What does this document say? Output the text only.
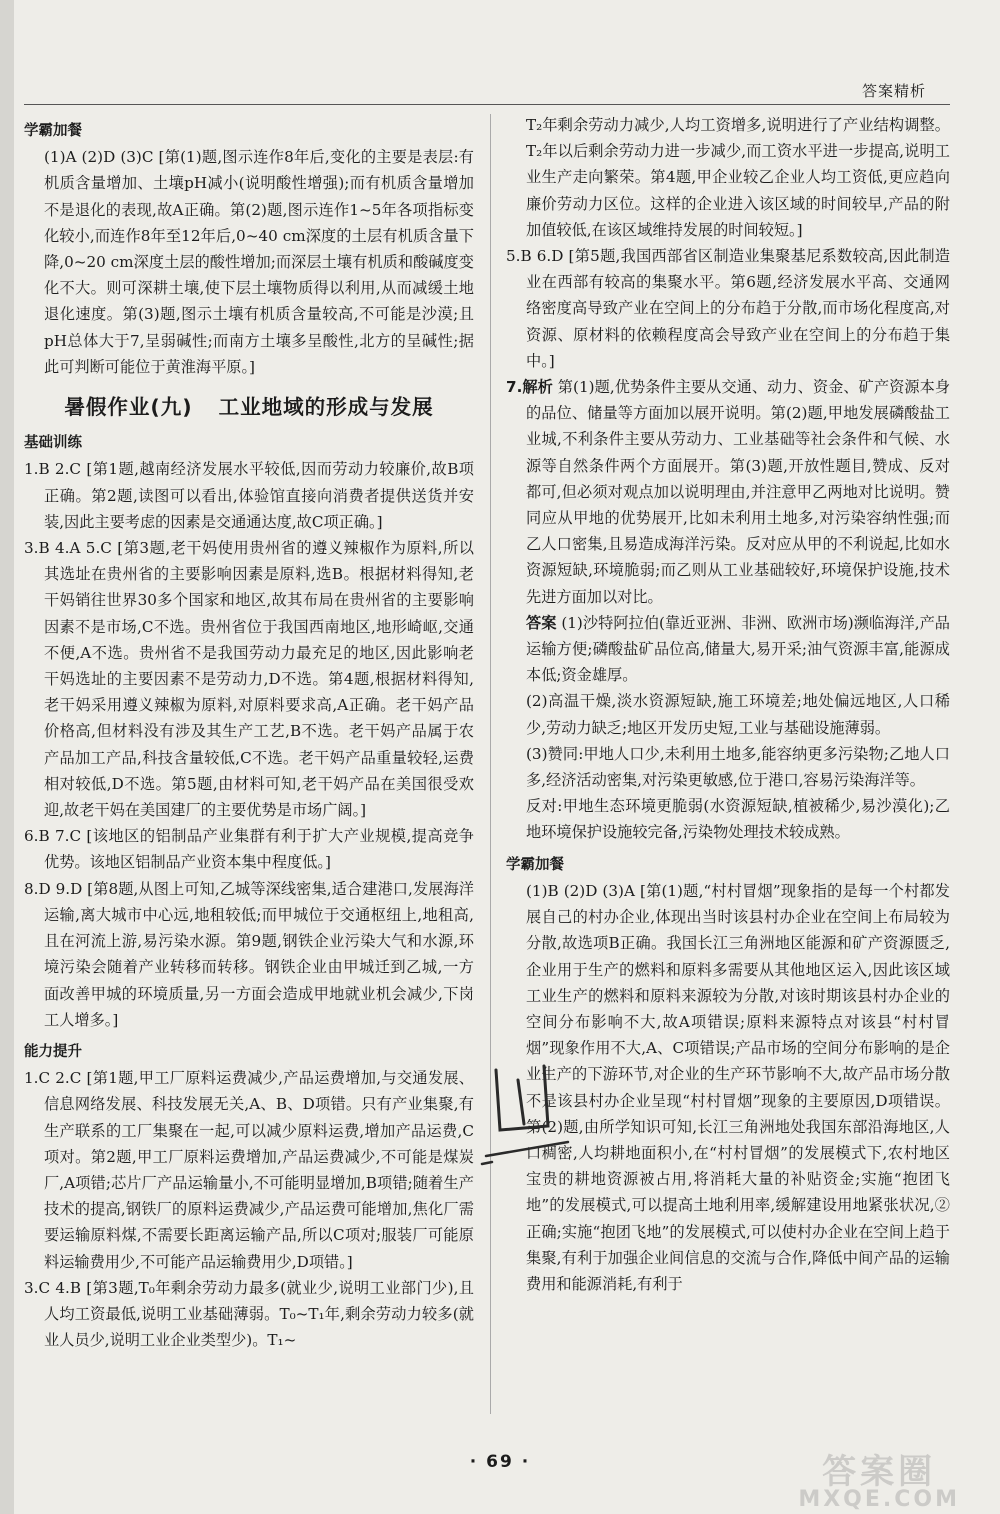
答案精析
学霸加餐

(1)A (2)D (3)C [第(1)题,图示连作8年后,变化的主要是表层:有机质含量增加、土壤pH减小(说明酸性增强);而有机质含量增加不是退化的表现,故A正确。第(2)题,图示连作1~5年各项指标变化较小,而连作8年至12年后,0~40 cm深度的土层有机质含量下降,0~20 cm深度土层的酸性增加;而深层土壤有机质和酸碱度变化不大。则可深耕土壤,使下层土壤物质得以利用,从而减缓土地退化速度。第(3)题,图示土壤有机质含量较高,不可能是沙漠;且pH总体大于7,呈弱碱性;而南方土壤多呈酸性,北方的呈碱性;据此可判断可能位于黄淮海平原。]

暑假作业(九) 工业地域的形成与发展
基础训练

1.B 2.C [第1题,越南经济发展水平较低,因而劳动力较廉价,故B项正确。第2题,读图可以看出,体验馆直接向消费者提供送货并安装,因此主要考虑的因素是交通通达度,故C项正确。]

3.B 4.A 5.C [第3题,老干妈使用贵州省的遵义辣椒作为原料,所以其选址在贵州省的主要影响因素是原料,选B。根据材料得知,老干妈销往世界30多个国家和地区,故其布局在贵州省的主要影响因素不是市场,C不选。贵州省位于我国西南地区,地形崎岖,交通不便,A不选。贵州省不是我国劳动力最充足的地区,因此影响老干妈选址的主要因素不是劳动力,D不选。第4题,根据材料得知,老干妈采用遵义辣椒为原料,对原料要求高,A正确。老干妈产品价格高,但材料没有涉及其生产工艺,B不选。老干妈产品属于农产品加工产品,科技含量较低,C不选。老干妈产品重量较轻,运费相对较低,D不选。第5题,由材料可知,老干妈产品在美国很受欢迎,故老干妈在美国建厂的主要优势是市场广阔。]

6.B 7.C [该地区的铝制品产业集群有利于扩大产业规模,提高竞争优势。该地区铝制品产业资本集中程度低。]

8.D 9.D [第8题,从图上可知,乙城等深线密集,适合建港口,发展海洋运输,离大城市中心远,地租较低;而甲城位于交通枢纽上,地租高,且在河流上游,易污染水源。第9题,钢铁企业污染大气和水源,环境污染会随着产业转移而转移。钢铁企业由甲城迁到乙城,一方面改善甲城的环境质量,另一方面会造成甲地就业机会减少,下岗工人增多。]

能力提升

1.C 2.C [第1题,甲工厂原料运费减少,产品运费增加,与交通发展、信息网络发展、科技发展无关,A、B、D项错。只有产业集聚,有生产联系的工厂集聚在一起,可以减少原料运费,增加产品运费,C项对。第2题,甲工厂原料运费增加,产品运费减少,不可能是煤炭厂,A项错;芯片厂产品运输量小,不可能明显增加,B项错;随着生产技术的提高,钢铁厂的原料运费减少,产品运费可能增加,焦化厂需要运输原料煤,不需要长距离运输产品,所以C项对;服装厂可能原料运输费用少,不可能产品运输费用少,D项错。]

3.C 4.B [第3题,T₀年剩余劳动力最多(就业少,说明工业部门少),且人均工资最低,说明工业基础薄弱。T₀~T₁年,剩余劳动力较多(就业人员少,说明工业企业类型少)。T₁~

T₂年剩余劳动力减少,人均工资增多,说明进行了产业结构调整。T₂年以后剩余劳动力进一步减少,而工资水平进一步提高,说明工业生产走向繁荣。第4题,甲企业较乙企业人均工资低,更应趋向廉价劳动力区位。这样的企业进入该区域的时间较早,产品的附加值较低,在该区域维持发展的时间较短。]

5.B 6.D [第5题,我国西部省区制造业集聚基尼系数较高,因此制造业在西部有较高的集聚水平。第6题,经济发展水平高、交通网络密度高导致产业在空间上的分布趋于分散,而市场化程度高,对资源、原材料的依赖程度高会导致产业在空间上的分布趋于集中。]

7.解析 第(1)题,优势条件主要从交通、动力、资金、矿产资源本身的品位、储量等方面加以展开说明。第(2)题,甲地发展磷酸盐工业城,不利条件主要从劳动力、工业基础等社会条件和气候、水源等自然条件两个方面展开。第(3)题,开放性题目,赞成、反对都可,但必须对观点加以说明理由,并注意甲乙两地对比说明。赞同应从甲地的优势展开,比如未利用土地多,对污染容纳性强;而乙人口密集,且易造成海洋污染。反对应从甲的不利说起,比如水资源短缺,环境脆弱;而乙则从工业基础较好,环境保护设施,技术先进方面加以对比。

答案 (1)沙特阿拉伯(靠近亚洲、非洲、欧洲市场)濒临海洋,产品运输方便;磷酸盐矿品位高,储量大,易开采;油气资源丰富,能源成本低;资金雄厚。

(2)高温干燥,淡水资源短缺,施工环境差;地处偏远地区,人口稀少,劳动力缺乏;地区开发历史短,工业与基础设施薄弱。

(3)赞同:甲地人口少,未利用土地多,能容纳更多污染物;乙地人口多,经济活动密集,对污染更敏感,位于港口,容易污染海洋等。

反对:甲地生态环境更脆弱(水资源短缺,植被稀少,易沙漠化);乙地环境保护设施较完备,污染物处理技术较成熟。

学霸加餐

(1)B (2)D (3)A [第(1)题,“村村冒烟”现象指的是每一个村都发展自己的村办企业,体现出当时该县村办企业在空间上布局较为分散,故选项B正确。我国长江三角洲地区能源和矿产资源匮乏,企业用于生产的燃料和原料多需要从其他地区运入,因此该区域工业生产的燃料和原料来源较为分散,对该时期该县村办企业的空间分布影响不大,故A项错误;原料来源特点对该县“村村冒烟”现象作用不大,A、C项错误;产品市场的空间分布影响的是企业生产的下游环节,对企业的生产环节影响不大,故产品市场分散不是该县村办企业呈现“村村冒烟”现象的主要原因,D项错误。第(2)题,由所学知识可知,长江三角洲地处我国东部沿海地区,人口稠密,人均耕地面积小,在“村村冒烟”的发展模式下,农村地区宝贵的耕地资源被占用,将消耗大量的补贴资金;实施“抱团飞地”的发展模式,可以提高土地利用率,缓解建设用地紧张状况,②正确;实施“抱团飞地”的发展模式,可以使村办企业在空间上趋于集聚,有利于加强企业间信息的交流与合作,降低中间产品的运输费用和能源消耗,有利于

· 69 ·	答案圈
MXQE.COM
